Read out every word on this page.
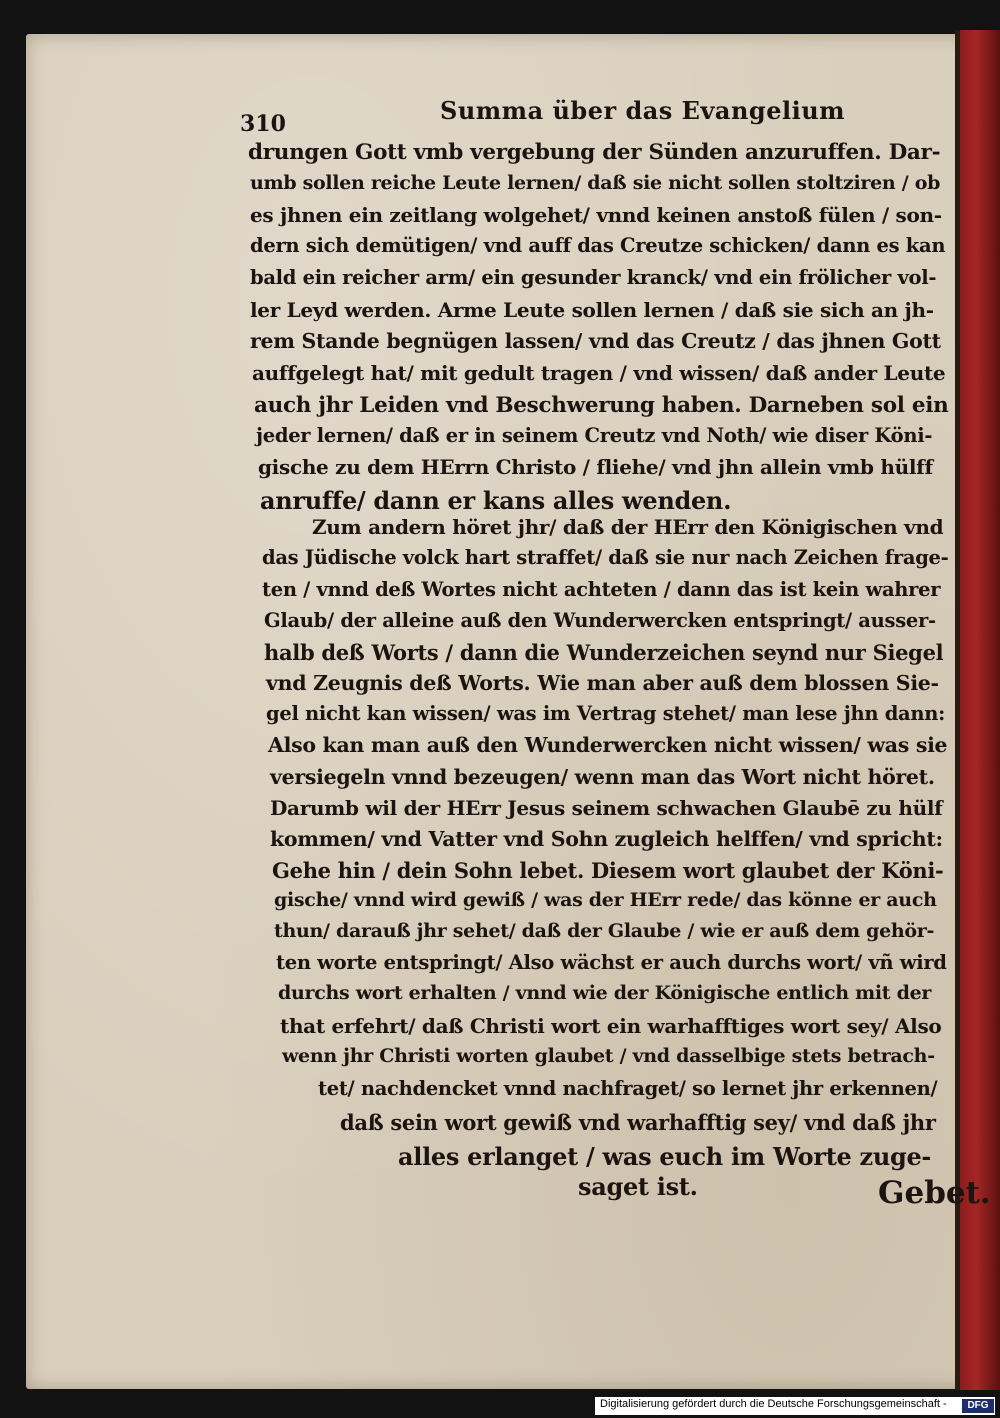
310	Summa über das Evangelium
drungen Gott vmb vergebung der Sünden anzuruffen. Dar-
umb sollen reiche Leute lernen/ daß sie nicht sollen stoltziren / ob
es jhnen ein zeitlang wolgehet/ vnnd keinen anstoß fülen / son-
dern sich demütigen/ vnd auff das Creutze schicken/ dann es kan
bald ein reicher arm/ ein gesunder kranck/ vnd ein frölicher vol-
ler Leyd werden. Arme Leute sollen lernen / daß sie sich an jh-
rem Stande begnügen lassen/ vnd das Creutz / das jhnen Gott
auffgelegt hat/ mit gedult tragen / vnd wissen/ daß ander Leute
auch jhr Leiden vnd Beschwerung haben. Darneben sol ein
jeder lernen/ daß er in seinem Creutz vnd Noth/ wie diser Köni-
gische zu dem HErrn Christo / fliehe/ vnd jhn allein vmb hülff
anruffe/ dann er kans alles wenden.
Zum andern höret jhr/ daß der HErr den Königischen vnd
das Jüdische volck hart straffet/ daß sie nur nach Zeichen frage-
ten / vnnd deß Wortes nicht achteten / dann das ist kein wahrer
Glaub/ der alleine auß den Wunderwercken entspringt/ ausser-
halb deß Worts / dann die Wunderzeichen seynd nur Siegel
vnd Zeugnis deß Worts. Wie man aber auß dem blossen Sie-
gel nicht kan wissen/ was im Vertrag stehet/ man lese jhn dann:
Also kan man auß den Wunderwercken nicht wissen/ was sie
versiegeln vnnd bezeugen/ wenn man das Wort nicht höret.
Darumb wil der HErr Jesus seinem schwachen Glaubē zu hülf
kommen/ vnd Vatter vnd Sohn zugleich helffen/ vnd spricht:
Gehe hin / dein Sohn lebet. Diesem wort glaubet der Köni-
gische/ vnnd wird gewiß / was der HErr rede/ das könne er auch
thun/ darauß jhr sehet/ daß der Glaube / wie er auß dem gehör-
ten worte entspringt/ Also wächst er auch durchs wort/ vñ wird
durchs wort erhalten / vnnd wie der Königische entlich mit der
that erfehrt/ daß Christi wort ein warhafftiges wort sey/ Also
wenn jhr Christi worten glaubet / vnd dasselbige stets betrach-
tet/ nachdencket vnnd nachfraget/ so lernet jhr erkennen/
daß sein wort gewiß vnd warhafftig sey/ vnd daß jhr
alles erlanget / was euch im Worte zuge-
saget ist.	Gebet.
Digitalisierung gefördert durch die Deutsche Forschungsgemeinschaft -	DFG
